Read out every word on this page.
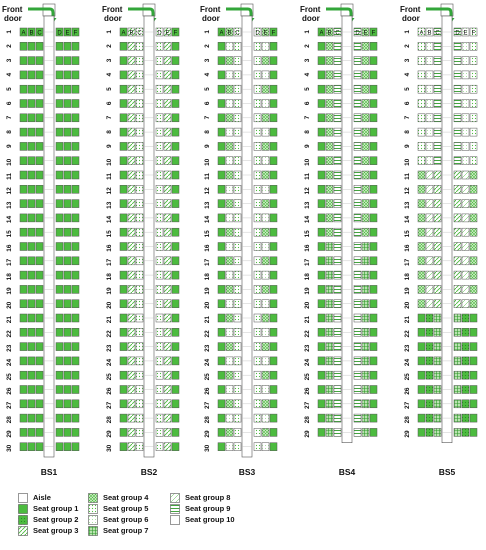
Front
door
1 A B C	D E F
2
3
4
5
6
7
8
9
10
11
12
13
14
15
16
17
18
19
20
21
22
23
24
25
26
27
28
29
30
BS1
Front
door
1 A B C	D E F
2
3
4
5
6
7
8
9
10
11
12
13
14
15
16
17
18
19
20
21
22
23
24
25
26
27
28
29
30
BS2
Front
door
1 A B C	D E F
2
3
4
5
6
7
8
9
10
11
12
13
14
15
16
17
18
19
20
21
22
23
24
25
26
27
28
29
30
BS3
Front
door
1 A B C	D E F
2
3
4
5
6
7
8
9
10
11
12
13
14
15
16
17
18
19
20
21
22
23
24
25
26
27
28
29
BS4
Front
door
1 A B C	D E F
2
3
4
5
6
7
8
9
10
11
12
13
14
15
16
17
18
19
20
21
22
23
24
25
26
27
28
29
BS5
Aisle
Seat group 1
Seat group 2
Seat group 3
Seat group 4
Seat group 5
Seat group 6
Seat group 7
Seat group 8
Seat group 9
Seat group 10
